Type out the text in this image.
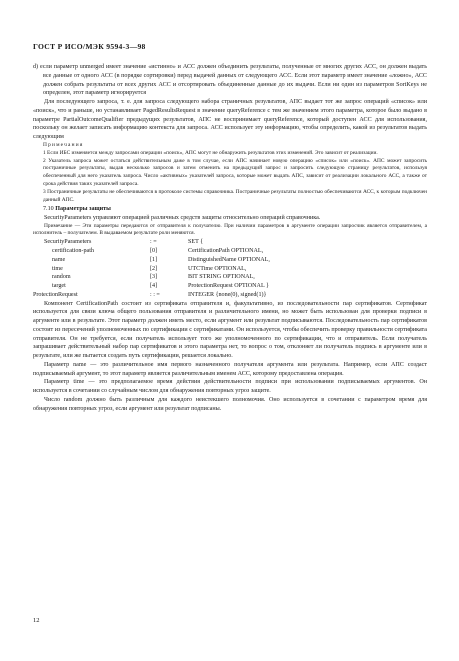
ГОСТ Р ИСО/МЭК 9594-3—98

d) если параметр unmerged имеет значение «истинно» и АСС должен объединить результаты, полученные от многих других АСС, он должен выдать все данные от одного АСС (в порядке сортировки) перед выдачей данных от следующего АСС. Если этот параметр имеет значение «ложно», АСС должен собрать результаты от всех других АСС и отсортировать объединенные данные до их выдачи. Если ни один из параметров SortKeys не определен, этот параметр игнорируется

Для последующего запроса, т. е. для запроса следующего набора страничных результатов, АПС выдает тот же запрос операций «список» или «поиск», что и раньше, но устанавливает PagedResultsRequest в значение queryReference с тем же значением этого параметра, которое было выдано в параметре PartialOutcomeQualifier предыдущих результатов, АПС не воспринимает queryReference, который доступен АСС для использования, поскольку он желает записать информацию контекста для запроса. АСС использует эту информацию, чтобы определить, какой из результатов выдать следующим

Примечания

1 Если ИБС изменяется между запросами операции «поиск», АПС могут не обнаружить результатов этих изменений. Это зависит от реализации.

2 Указатель запроса может остаться действительным даже в том случае, если АПС начинает новую операцию «список» или «поиск». АПС может запросить постраничные результаты, выдав несколько запросов и затем отменить на предыдущий запрос и запросить следующую страницу результатов, используя обеспеченный для него указатель запроса. Число «активных» указателей запроса, которые может выдать АПС, зависит от реализации локального АСС, а также от срока действия таких указателей запроса.

3 Постраничные результаты не обеспечиваются в протоколе системы справочника. Постраничные результаты полностью обеспечиваются АСС, к которым подключен данный АПС.

7.10 Параметры защиты

SecurityParameters управляют операцией различных средств защиты относительно операций справочника.

Примечание — Эти параметры передаются от отправителя к получателю. При наличии параметров в аргументе операции запросчик является отправителем, а исполнитель – получателем. В выдаваемом результате роли меняются.

SecurityParameters	: =	SET {
certification-path	[0]	CertificationPath OPTIONAL,
name	[1]	DistinguishedName OPTIONAL,
time	[2]	UTCTime OPTIONAL,
random	[3]	BIT STRING OPTIONAL,
target	[4]	ProtectionRequest OPTIONAL }
ProtectionRequest	: : =	INTEGER {none(0), signed(1)}

Компонент CertificationPath состоит из сертификата отправителя и, факультативно, из последовательности пар сертификатов. Сертификат используется для связи ключа общего пользования отправителя и различительного имени, но может быть использован для проверки подписи в аргументе или в результате. Этот параметр должен иметь место, если аргумент или результат подписываются. Последовательность пар сертификатов состоит из пересечений уполномоченных по сертификации с сертификатами. Он используется, чтобы обеспечить проверку правильности сертификата отправителя. Он не требуется, если получатель использует того же уполномоченного по сертификации, что и отправитель. Если получатель запрашивает действительный набор пар сертификатов и этого параметра нет, то вопрос о том, отклоняет ли получатель подпись в аргументе или в результате, или же пытается создать путь сертификации, решается локально.

Параметр name — это различительное имя первого назначенного получателя аргумента или результата. Например, если АПС создаст подписываемый аргумент, то этот параметр является различительным именем АСС, которому предоставлена операция.

Параметр time — это предполагаемое время действия действительности подписи при использовании подписываемых аргументов. Он используется в сочетании со случайным числом для обнаружения повторных угроз защите.

Число random должно быть различным для каждого неистекшего полномочия. Оно используется в сочетании с параметром время для обнаружения повторных угроз, если аргумент или результат подписаны.

12
